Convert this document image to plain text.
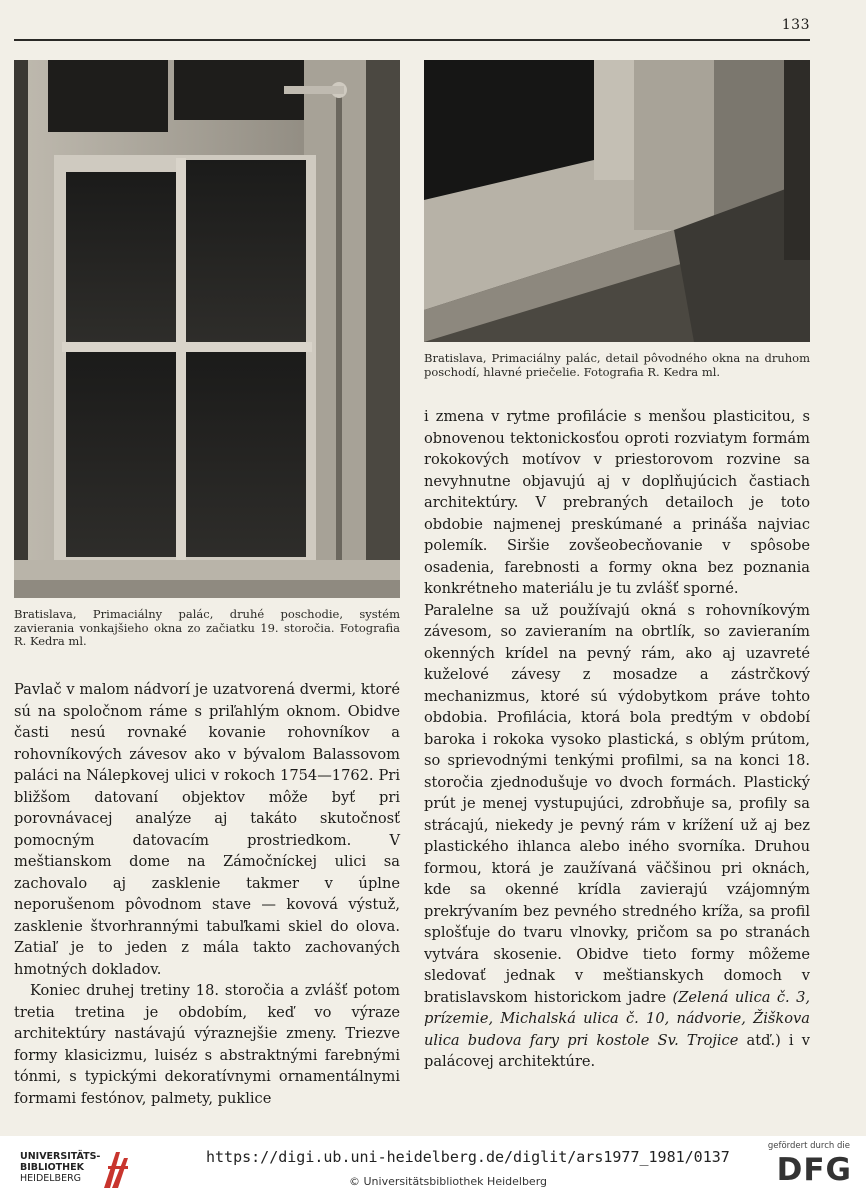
133
Bratislava, Primaciálny palác, druhé poschodie, systém zavierania vonkajšieho okna zo začiatku 19. storočia. Fotografia R. Kedra ml.
Bratislava, Primaciálny palác, detail pôvodného okna na druhom poschodí, hlavné priečelie. Fotografia R. Kedra ml.

Pavlač v malom nádvorí je uzatvorená dvermi, ktoré sú na spoločnom ráme s priľahlým oknom. Obidve časti nesú rovnaké kovanie rohovníkov a rohovníkových závesov ako v bývalom Balassovom paláci na Nálepkovej ulici v rokoch 1754—1762. Pri bližšom datovaní objektov môže byť pri porovnávacej analýze aj takáto skutočnosť pomocným datovacím prostriedkom. V meštianskom dome na Zámočníckej ulici sa zachovalo aj zasklenie takmer v úplne neporušenom pôvodnom stave — kovová výstuž, zasklenie štvorhrannými tabuľkami skiel do olova. Zatiaľ je to jeden z mála takto zachovaných hmotných dokladov.

Koniec druhej tretiny 18. storočia a zvlášť potom tretia tretina je obdobím, keď vo výraze architektúry nastávajú výraznejšie zmeny. Triezve formy klasicizmu, luiséz s abstraktnými farebnými tónmi, s typickými dekoratívnymi ornamentálnymi formami festónov, palmety, puklice

i zmena v rytme profilácie s menšou plasticitou, s obnovenou tektonickosťou oproti rozviatym formám rokokových motívov v priestorovom rozvine sa nevyhnutne objavujú aj v doplňujúcich častiach architektúry. V prebraných detailoch je toto obdobie najmenej preskúmané a prináša najviac polemík. Siršie zovšeobecňovanie v spôsobe osadenia, farebnosti a formy okna bez poznania konkrétneho materiálu je tu zvlášť sporné.

Paralelne sa už používajú okná s rohovníkovým závesom, so zavieraním na obrtlík, so zavieraním okenných krídel na pevný rám, ako aj uzavreté kuželové závesy z mosadze a zástrčkový mechanizmus, ktoré sú výdobytkom práve tohto obdobia. Profilácia, ktorá bola predtým v období baroka i rokoka vysoko plastická, s oblým prútom, so sprievodnými tenkými profilmi, sa na konci 18. storočia zjednodušuje vo dvoch formách. Plastický prút je menej vystupujúci, zdrobňuje sa, profily sa strácajú, niekedy je pevný rám v krížení už aj bez plastického ihlanca alebo iného svorníka. Druhou formou, ktorá je zaužívaná väčšinou pri oknách, kde sa okenné krídla zavierajú vzájomným prekrývaním bez pevného stredného kríža, sa profil splošťuje do tvaru vlnovky, pričom sa po stranách vytvára skosenie. Obidve tieto formy môžeme sledovať jednak v meštianskych domoch v bratislavskom historickom jadre (Zelená ulica č. 3, prízemie, Michalská ulica č. 10, nádvorie, Žiškova ulica budova fary pri kostole Sv. Trojice atď.) i v palácovej architektúre.

UNIVERSITÄTS-
BIBLIOTHEK
HEIDELBERG
https://digi.ub.uni-heidelberg.de/diglit/ars1977_1981/0137
© Universitätsbibliothek Heidelberg
gefördert durch die
DFG
